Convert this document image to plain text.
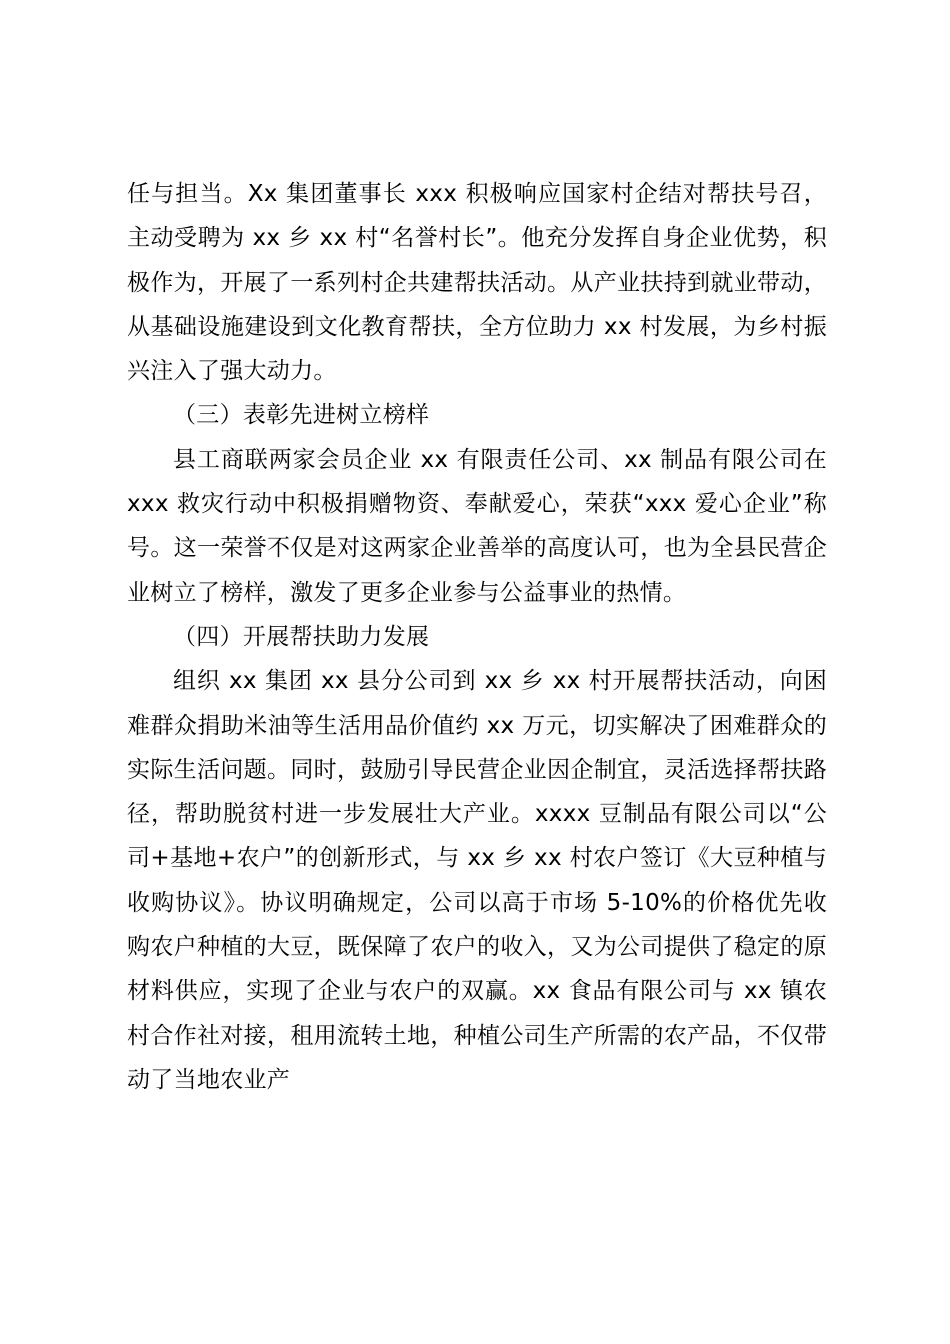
任与担当。Xx 集团董事长 xxx 积极响应国家村企结对帮扶号召，主动受聘为 xx 乡 xx 村“名誉村长”。他充分发挥自身企业优势，积极作为，开展了一系列村企共建帮扶活动。从产业扶持到就业带动，从基础设施建设到文化教育帮扶，全方位助力 xx 村发展，为乡村振兴注入了强大动力。

（三）表彰先进树立榜样

县工商联两家会员企业 xx 有限责任公司、xx 制品有限公司在 xxx 救灾行动中积极捐赠物资、奉献爱心，荣获“xxx 爱心企业”称号。这一荣誉不仅是对这两家企业善举的高度认可，也为全县民营企业树立了榜样，激发了更多企业参与公益事业的热情。

（四）开展帮扶助力发展

组织 xx 集团 xx 县分公司到 xx 乡 xx 村开展帮扶活动，向困难群众捐助米油等生活用品价值约 xx 万元，切实解决了困难群众的实际生活问题。同时，鼓励引导民营企业因企制宜，灵活选择帮扶路径，帮助脱贫村进一步发展壮大产业。xxxx 豆制品有限公司以“公司+基地+农户”的创新形式，与 xx 乡 xx 村农户签订《大豆种植与收购协议》。协议明确规定，公司以高于市场 5-10%的价格优先收购农户种植的大豆，既保障了农户的收入，又为公司提供了稳定的原材料供应，实现了企业与农户的双赢。xx 食品有限公司与 xx 镇农村合作社对接，租用流转土地，种植公司生产所需的农产品，不仅带动了当地农业产
